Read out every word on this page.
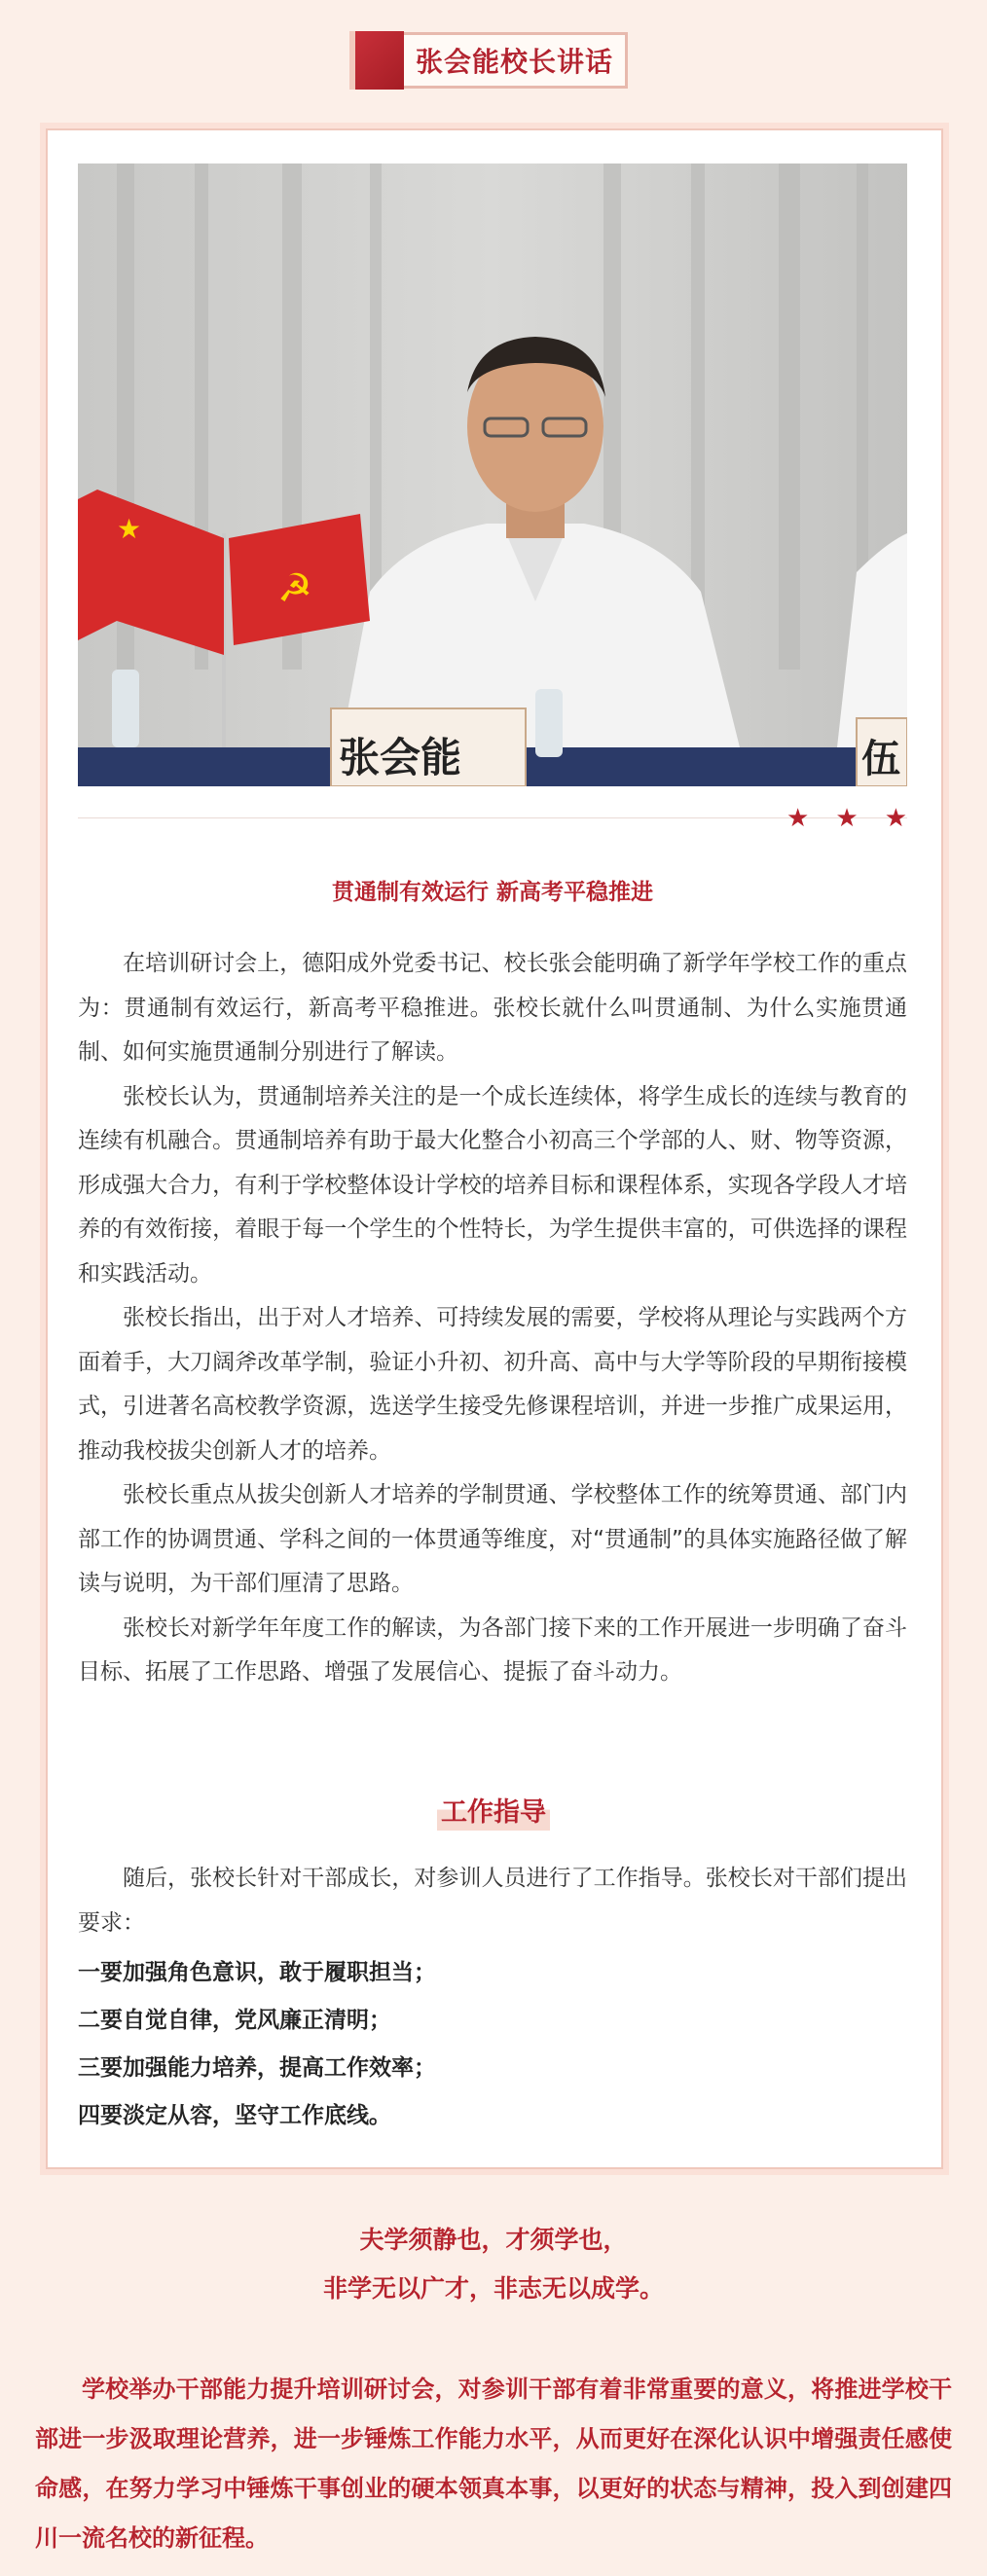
张会能校长讲话
★
☭
张会能	伍
★ ★ ★
贯通制有效运行 新高考平稳推进

在培训研讨会上，德阳成外党委书记、校长张会能明确了新学年学校工作的重点为：贯通制有效运行，新高考平稳推进。张校长就什么叫贯通制、为什么实施贯通制、如何实施贯通制分别进行了解读。

张校长认为，贯通制培养关注的是一个成长连续体，将学生成长的连续与教育的连续有机融合。贯通制培养有助于最大化整合小初高三个学部的人、财、物等资源，形成强大合力，有利于学校整体设计学校的培养目标和课程体系，实现各学段人才培养的有效衔接，着眼于每一个学生的个性特长，为学生提供丰富的，可供选择的课程和实践活动。

张校长指出，出于对人才培养、可持续发展的需要，学校将从理论与实践两个方面着手，大刀阔斧改革学制，验证小升初、初升高、高中与大学等阶段的早期衔接模式，引进著名高校教学资源，选送学生接受先修课程培训，并进一步推广成果运用，推动我校拔尖创新人才的培养。

张校长重点从拔尖创新人才培养的学制贯通、学校整体工作的统筹贯通、部门内部工作的协调贯通、学科之间的一体贯通等维度，对“贯通制”的具体实施路径做了解读与说明，为干部们厘清了思路。

张校长对新学年年度工作的解读，为各部门接下来的工作开展进一步明确了奋斗目标、拓展了工作思路、增强了发展信心、提振了奋斗动力。

工作指导

随后，张校长针对干部成长，对参训人员进行了工作指导。张校长对干部们提出要求：

一要加强角色意识，敢于履职担当；
二要自觉自律，党风廉正清明；
三要加强能力培养，提高工作效率；
四要淡定从容，坚守工作底线。
夫学须静也，才须学也，
非学无以广才，非志无以成学。

学校举办干部能力提升培训研讨会，对参训干部有着非常重要的意义，将推进学校干部进一步汲取理论营养，进一步锤炼工作能力水平，从而更好在深化认识中增强责任感使命感，在努力学习中锤炼干事创业的硬本领真本事，以更好的状态与精神，投入到创建四川一流名校的新征程。
